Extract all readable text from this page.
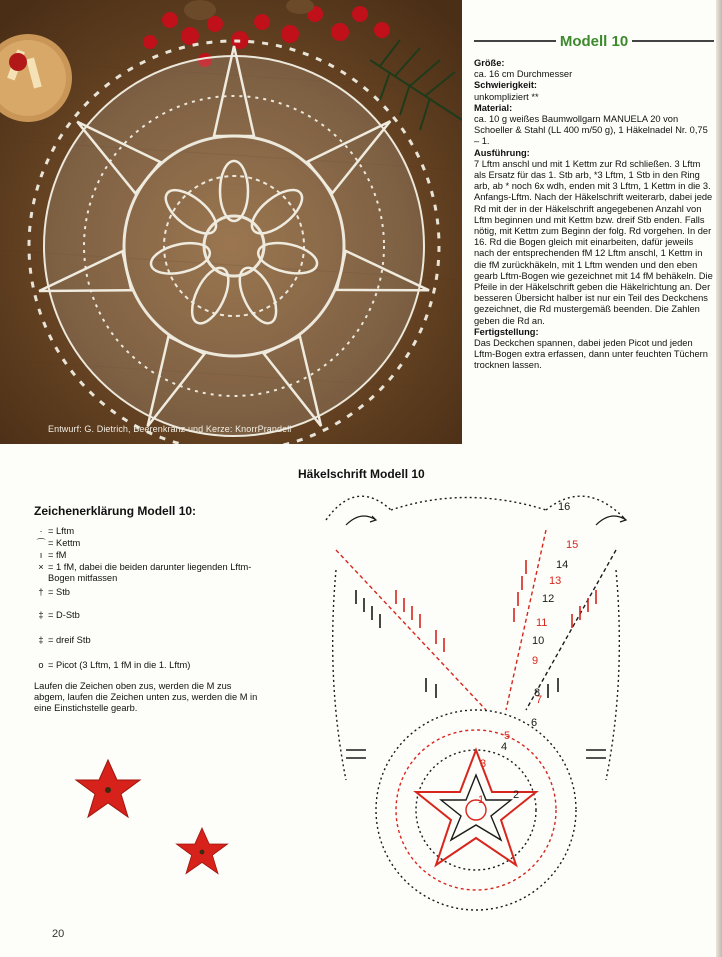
Entwurf: G. Dietrich, Beerenkranz und Kerze: KnorrPrandell
Modell 10

Größe:

ca. 16 cm Durchmesser

Schwierigkeit:

unkompliziert **

Material:

ca. 10 g weißes Baumwollgarn MANUELA 20 von Schoeller & Stahl (LL 400 m/50 g), 1 Häkelnadel Nr. 0,75 – 1.

Ausführung:

7 Lftm anschl und mit 1 Kettm zur Rd schließen. 3 Lftm als Ersatz für das 1. Stb arb, *3 Lftm, 1 Stb in den Ring arb, ab * noch 6x wdh, enden mit 3 Lftm, 1 Kettm in die 3. Anfangs-Lftm. Nach der Häkelschrift weiterarb, dabei jede Rd mit der in der Häkelschrift angegebenen Anzahl von Lftm beginnen und mit Kettm bzw. dreif Stb enden. Falls nötig, mit Kettm zum Beginn der folg. Rd vorgehen. In der 16. Rd die Bogen gleich mit einarbeiten, dafür jeweils nach der entsprechenden fM 12 Lftm anschl, 1 Kettm in die fM zurückhäkeln, mit 1 Lftm wenden und den eben gearb Lftm-Bogen wie gezeichnet mit 14 fM behäkeln. Die Pfeile in der Häkelschrift geben die Häkelrichtung an. Der besseren Übersicht halber ist nur ein Teil des Deckchens gezeichnet, die Rd mustergemäß beenden. Die Zahlen geben die Rd an.

Fertigstellung:

Das Deckchen spannen, dabei jeden Picot und jeden Lftm-Bogen extra erfassen, dann unter feuchten Tüchern trocknen lassen.

Häkelschrift Modell 10
Zeichenerklärung Modell 10:
· = Lftm
⌒ = Kettm
ı = fM
× = 1 fM, dabei die beiden darunter liegenden Lftm-Bogen mitfassen
† = Stb
‡ = D-Stb
‡ = dreif Stb
o = Picot (3 Lftm, 1 fM in die 1. Lftm)
Laufen die Zeichen oben zus, werden die M zus abgem, laufen die Zeichen unten zus, werden die M in eine Einstichstelle gearb.
1	2
3
4
5
6
7
8
9
10
11
12
13
14
15
16
20
